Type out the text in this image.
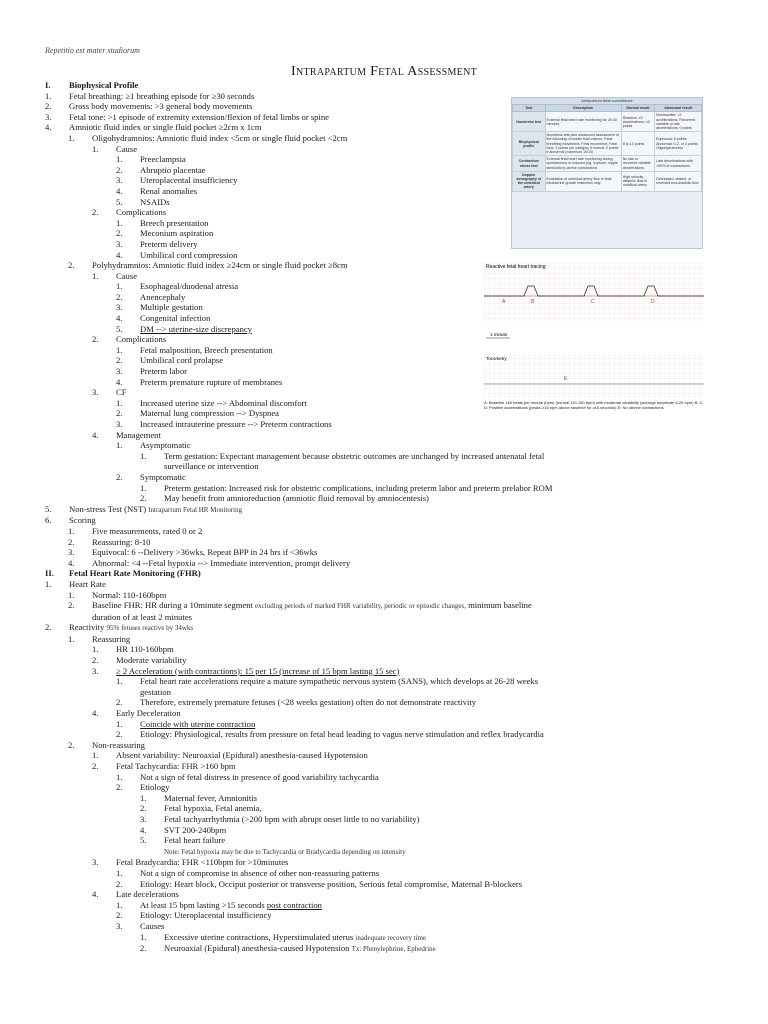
Repetitio est mater studiorum
Intrapartum Fetal Assessment
I.	Biophysical Profile
1.	Fetal breathing: ≥1 breathing episode for ≥30 seconds
2.	Gross body movements: >3 general body movements
3.	Fetal tone: >1 episode of extremity extension/flexion of fetal limbs or spine
4.	Amniotic fluid index or single fluid pocket ≥2cm x 1cm
1.	Oligohydramnios: Amniotic fluid index <5cm or single fluid pocket <2cm
1.	Cause
1.	Preeclampsia
2.	Abruptio placentae
3.	Uteroplacental insufficiency
4.	Renal anomalies
5.	NSAIDs
2.	Complications
1.	Breech presentation
2.	Meconium aspiration
3.	Preterm delivery
4.	Umbilical cord compression
2.	Polyhydramnios: Amniotic fluid index ≥24cm or single fluid pocket ≥8cm
1.	Cause
1.	Esophageal/duodenal atresia
2.	Anencephaly
3.	Multiple gestation
4.	Congenital infection
5.	DM --> uterine-size discrepancy
2.	Complications
1.	Fetal malposition, Breech presentation
2.	Umbilical cord prolapse
3.	Preterm labor
4.	Preterm premature rupture of membranes
3.	CF
1.	Increased uterine size --> Abdominal discomfort
2.	Maternal lung compression --> Dyspnea
3.	Increased intrauterine pressure --> Preterm contractions
4.	Management
1.	Asymptomatic
1.	Term gestation: Expectant management because obstetric outcomes are unchanged by increased antenatal fetal surveillance or intervention
2.	Symptomatic
1.	Preterm gestation: Increased risk for obstetric complications, including preterm labor and preterm prelabor ROM
2.	May benefit from amnioreduction (amniotic fluid removal by amniocentesis)
5.	Non-stress Test (NST) Intrapartum Fetal HR Monitoring
6.	Scoring
1.	Five measurements, rated 0 or 2
2.	Reassuring: 8-10
3.	Equivocal: 6 --Delivery >36wks, Repeat BPP in 24 hrs if <36wks
4.	Abnormal: <4 --Fetal hypoxia --> Immediate intervention, prompt delivery
II.	Fetal Heart Rate Monitoring (FHR)
1.	Heart Rate
1.	Normal: 110-160bpm
2.	Baseline FHR: HR during a 10minute segment excluding periods of marked FHR variability, periodic or episodic changes, minimum baseline duration of at least 2 minutes
2.	Reactivity 95% fetuses reactive by 34wks
1.	Reassuring
1.	HR 110-160bpm
2.	Moderate variability
3.	≥ 2 Acceleration (with contractions): 15 per 15 (increase of 15 bpm lasting 15 sec)
1.	Fetal heart rate accelerations require a mature sympathetic nervous system (SANS), which develops at 26-28 weeks gestation
2.	Therefore, extremely premature fetuses (<28 weeks gestation) often do not demonstrate reactivity
4.	Early Deceleration
1.	Coincide with uterine contraction
2.	Etiology: Physiological, results from pressure on fetal head leading to vagus nerve stimulation and reflex bradycardia
2.	Non-reassuring
1.	Absent variability: Neuroaxial (Epidural) anesthesia-caused Hypotension
2.	Fetal Tachycardia: FHR >160 bpm
1.	Not a sign of fetal distress in presence of good variability tachycardia
2.	Etiology
1.	Maternal fever, Amnionitis
2.	Fetal hypoxia, Fetal anemia,
3.	Fetal tachyarrhythmia (>200 bpm with abrupt onset little to no variability)
4.	SVT 200-240bpm
5.	Fetal heart failure
Note: Fetal hypoxia may be due to Tachycardia or Bradycardia depending on intensity
3.	Fetal Bradycardia: FHR <110bpm for >10minutes
1.	Not a sign of compromise in absence of other non-reassuring patterns
2.	Etiology: Heart block, Occiput posterior or transverse position, Serious fetal compromise, Maternal B-blockers
4.	Late decelerations
1.	At least 15 bpm lasting >15 seconds post contraction
2.	Etiology: Uteroplacental insufficiency
3.	Causes
1.	Excessive uterine contractions, Hyperstimulated uterus inadequate recovery time
2.	Neuroaxial (Epidural) anesthesia-caused Hypotension Tx: Phenylephrine, Ephedrine
Antepartum fetal surveillance
Test	Description	Normal result	Abnormal result
Nonstress test	External fetal heart rate monitoring for 20-40 minutes	Reactive: ≥2 accelerations; ≥2 points	Nonreactive: <2 accelerations; Recurrent variable or late decelerations; 0 points
Biophysical profile	Nonstress test plus ultrasound assessment of the following: Amniotic fluid volume; Fetal breathing movement; Fetal movement; Fetal tone; 2 points per category if normal; 0 points if abnormal (maximum 10/10)	8 to 10 points	Equivocal: 6 points; Abnormal: 0-2, or 4 points; Oligohydramnios
Contraction stress test	External fetal heart rate monitoring during spontaneous or induced (eg, oxytocin, nipple stimulation) uterine contractions	No late or recurrent variable decelerations	Late decelerations with >50% of contractions
Doppler sonography of the umbilical artery	Evaluation of umbilical artery flow in fetal intrauterine growth restriction only	High-velocity diastolic flow in umbilical artery	Decreased, absent, or reversed end-diastolic flow
Reactive fetal heart tracing
A	B	C	D
1 minute
Tocometry
E
A: Baseline 160 beats per minute (bpm) (normal 110-160 bpm) with moderate variability (average amplitude 6-25 bpm) B, C, D: Positive accelerations (peaks ≥15 bpm above baseline for ≥15 seconds) E: No uterine contractions
